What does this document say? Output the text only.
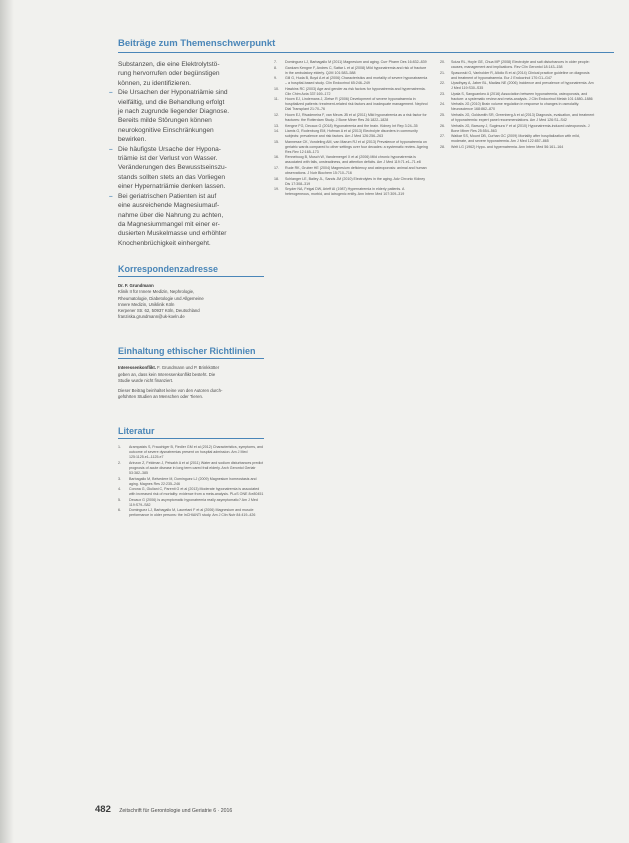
Beiträge zum Themenschwerpunkt

Substanzen, die eine Elektrolytstö-

rung hervorrufen oder begünstigen

können, zu identifizieren.

– Die Ursachen der Hyponatriämie sind

vielfältig, und die Behandlung erfolgt

je nach zugrunde liegender Diagnose.

Bereits milde Störungen können

neurokognitive Einschränkungen

bewirken.

– Die häufigste Ursache der Hypona-

triämie ist der Verlust von Wasser.

Veränderungen des Bewusstseinszu-

stands sollten stets an das Vorliegen

einer Hypernatriämie denken lassen.

– Bei geriatrischen Patienten ist auf

eine ausreichende Magnesiumauf-

nahme über die Nahrung zu achten,

da Magnesiummangel mit einer er-

dusierten Muskelmasse und erhöhter

Knochenbrüchigkeit einhergeht.

Korrespondenzadresse

Dr. F. Grundmann

Klinik II für Innere Medizin, Nephrologie,

Rheumatologie, Diabetologie und Allgemeine

Innere Medizin, Uniklinik Köln

Kerpener Str. 62, 50937 Köln, Deutschland

franziska.grundmann@uk-koeln.de

Einhaltung ethischer Richtlinien

Interessenkonflikt. F. Grundmann und P. Brinkkötter

geben an, dass kein Interessenkonflikt besteht. Die

Studie wurde nicht finanziert.

Dieser Beitrag beinhaltet keine von den Autoren durch-

geführten Studien an Menschen oder Tieren.

Literatur
1. Arampatzis S, Frauchiger B, Fiedler GM et al (2012) Characteristics, symptoms, and outcome of severe dysnatremias present on hospital admission. Am J Med 125:1125.e1–1125.e7
2. Arinzon Z, Feldman J, Peisakh A et al (2011) Water and sodium disturbances predict prognosis of acute disease in long term cared frail elderly. Arch Gerontol Geriatr 53:382–385
3. Barbagallo M, Belvedere M, Dominguez LJ (2009) Magnesium homeostasis and aging. Magnes Res 22:235–246
4. Corona G, Giuliani C, Parenti G et al (2013) Moderate hyponatremia is associated with increased risk of mortality: evidence from a meta-analysis. PLoS ONE 8:e80451
5. Decaux G (2006) Is asymptomatic hyponatremia really asymptomatic? Am J Med 119:S79–S82
6. Dominguez LJ, Barbagallo M, Lauretani F et al (2006) Magnesium and muscle performance in older persons: the InCHIANTI study. Am J Clin Nutr 84:419–426
7. Dominguez LJ, Barbagallo M (2011) Magnesium and aging. Curr Pharm Des 16:832–839
8. Gankam Kengne F, Andres C, Sattar L et al (2008) Mild hyponatremia and risk of fracture in the ambulatory elderly. QJM 101:583–588
9. Gill G, Huda B, Boyd A et al (2006) Characteristics and mortality of severe hyponatraemia – a hospital-based study. Clin Endocrinol 65:246–249
10. Hawkins RC (2003) Age and gender as risk factors for hyponatremia and hypernatremia. Clin Chim Acta 337:169–172
11. Hoorn EJ, Lindemans J, Zietse R (2006) Development of severe hyponatraemia in hospitalized patients: treatment-related risk factors and inadequate management. Nephrol Dial Transplant 21:70–76
12. Hoorn EJ, Rivadeneira F, van Meurs JB et al (2011) Mild hyponatremia as a risk factor for fractures: the Rotterdam Study. J Bone Miner Res 26:1822–1828
13. Kengne FG, Decaux G (2018) Hyponatremia and the brain. Kidney Int Rep 3:24–35
14. Liamis G, Rodenburg EM, Hofman A et al (2013) Electrolyte disorders in community subjects: prevalence and risk factors. Am J Med 126:256–263
15. Mannesse CK, Vondeling AM, van Marum RJ et al (2013) Prevalence of hyponatremia on geriatric wards compared to other settings over four decades: a systematic review. Ageing Res Rev 12:165–173
16. Renneboog B, Musch W, Vandemergel X et al (2006) Mild chronic hyponatremia is associated with falls, unsteadiness, and attention deficits. Am J Med 119:71.e1–71.e8
17. Rude RK, Gruber HE (2004) Magnesium deficiency and osteoporosis: animal and human observations. J Nutr Biochem 15:710–716
18. Schlanger LE, Bailey JL, Sands JM (2010) Electrolytes in the aging. Adv Chronic Kidney Dis 17:308–319
19. Snyder NA, Feigal DW, Arieff AI (1987) Hypernatremia in elderly patients. A heterogeneous, morbid, and iatrogenic entity. Ann Intern Med 107:309–319
20. Soiza RL, Hoyle GE, Chua MP (2008) Electrolyte and salt disturbances in older people: causes, management and implications. Rev Clin Gerontol 18:143–158
21. Spasovski G, Vanholder R, Allolio B et al (2014) Clinical practice guideline on diagnosis and treatment of hyponatraemia. Eur J Endocrinol 170:G1–G47
22. Upadhyay A, Jaber BL, Madias NE (2006) Incidence and prevalence of hyponatremia. Am J Med 119:S30–S35
23. Upala S, Sanguankeo A (2016) Association between hyponatremia, osteoporosis, and fracture: a systematic review and meta-analysis. J Clin Endocrinol Metab 101:1880–1886
24. Verbalis JG (2010) Brain volume regulation in response to changes in osmolality. Neuroscience 168:862–870
25. Verbalis JG, Goldsmith SR, Greenberg A et al (2013) Diagnosis, evaluation, and treatment of hyponatremia: expert panel recommendations. Am J Med 126:S1–S42
26. Verbalis JG, Barsony J, Sugimura Y et al (2010) Hyponatremia-induced osteoporosis. J Bone Miner Res 25:554–563
27. Waikar SS, Mount DB, Curhan GC (2009) Mortality after hospitalization with mild, moderate, and severe hyponatremia. Am J Med 122:857–865
28. Welt LG (1962) Hypo- and hypernatremia. Ann Intern Med 56:161–164
482 Zeitschrift für Gerontologie und Geriatrie 6 · 2016
